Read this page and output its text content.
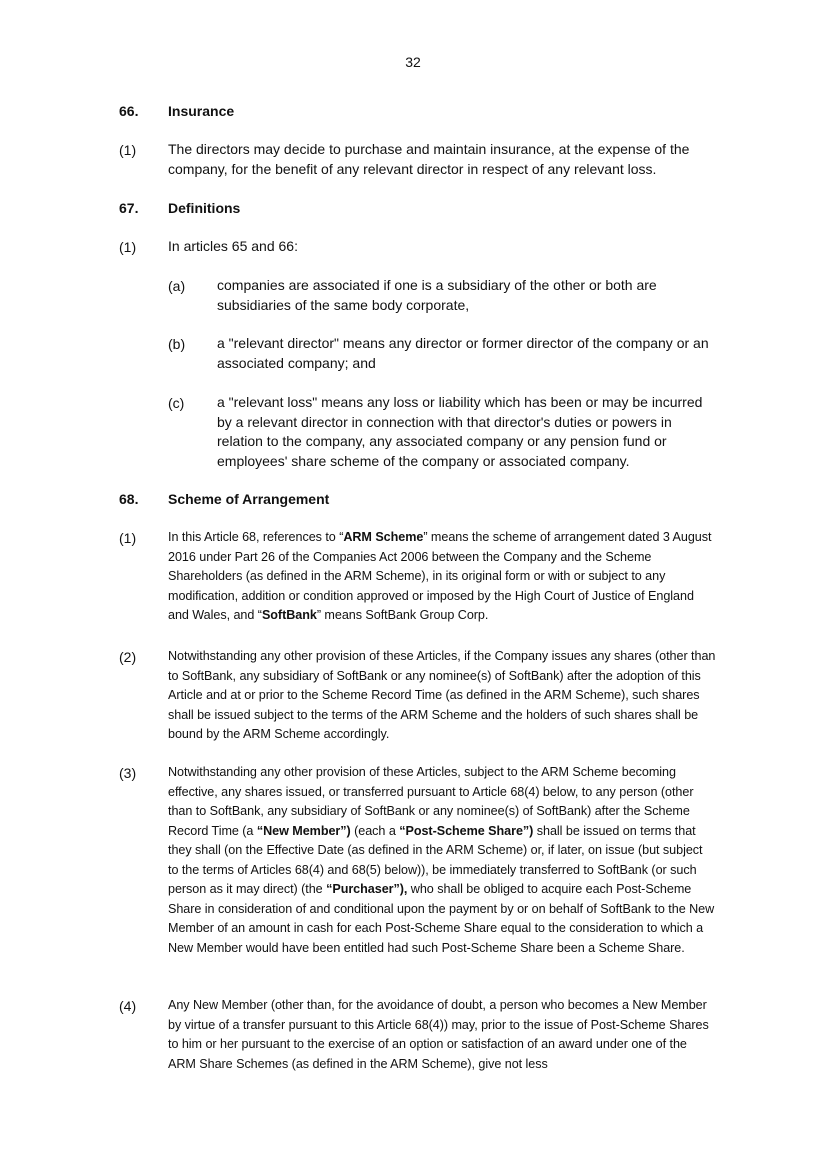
32
66. Insurance
(1) The directors may decide to purchase and maintain insurance, at the expense of the company, for the benefit of any relevant director in respect of any relevant loss.
67. Definitions
(1) In articles 65 and 66:
(a) companies are associated if one is a subsidiary of the other or both are subsidiaries of the same body corporate,
(b) a "relevant director" means any director or former director of the company or an associated company; and
(c) a "relevant loss" means any loss or liability which has been or may be incurred by a relevant director in connection with that director's duties or powers in relation to the company, any associated company or any pension fund or employees' share scheme of the company or associated company.
68. Scheme of Arrangement
(1)	In this Article 68, references to “ARM Scheme” means the scheme of arrangement dated 3 August 2016 under Part 26 of the Companies Act 2006 between the Company and the Scheme Shareholders (as defined in the ARM Scheme), in its original form or with or subject to any modification, addition or condition approved or imposed by the High Court of Justice of England and Wales, and “SoftBank” means SoftBank Group Corp.
(2)	Notwithstanding any other provision of these Articles, if the Company issues any shares (other than to SoftBank, any subsidiary of SoftBank or any nominee(s) of SoftBank) after the adoption of this Article and at or prior to the Scheme Record Time (as defined in the ARM Scheme), such shares shall be issued subject to the terms of the ARM Scheme and the holders of such shares shall be bound by the ARM Scheme accordingly.
(3)	Notwithstanding any other provision of these Articles, subject to the ARM Scheme becoming effective, any shares issued, or transferred pursuant to Article 68(4) below, to any person (other than to SoftBank, any subsidiary of SoftBank or any nominee(s) of SoftBank) after the Scheme Record Time (a “New Member”) (each a “Post-Scheme Share”) shall be issued on terms that they shall (on the Effective Date (as defined in the ARM Scheme) or, if later, on issue (but subject to the terms of Articles 68(4) and 68(5) below)), be immediately transferred to SoftBank (or such person as it may direct) (the “Purchaser”), who shall be obliged to acquire each Post-Scheme Share in consideration of and conditional upon the payment by or on behalf of SoftBank to the New Member of an amount in cash for each Post-Scheme Share equal to the consideration to which a New Member would have been entitled had such Post-Scheme Share been a Scheme Share.
(4)	Any New Member (other than, for the avoidance of doubt, a person who becomes a New Member by virtue of a transfer pursuant to this Article 68(4)) may, prior to the issue of Post-Scheme Shares to him or her pursuant to the exercise of an option or satisfaction of an award under one of the ARM Share Schemes (as defined in the ARM Scheme), give not less
